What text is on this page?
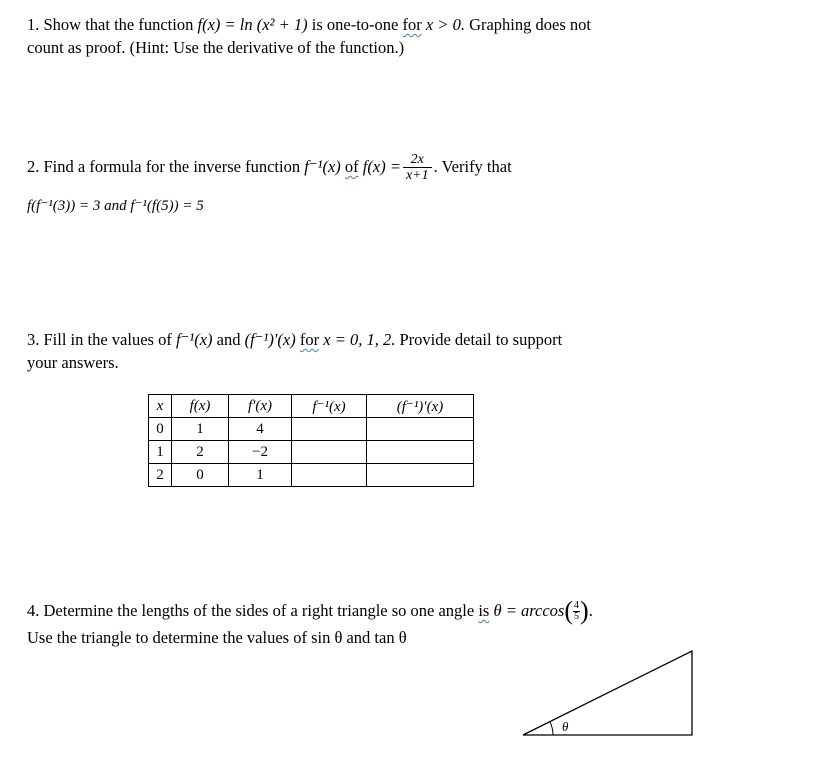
1. Show that the function f(x) = ln (x² + 1) is one-to-one for x > 0. Graphing does not
count as proof. (Hint: Use the derivative of the function.)
2. Find a formula for the inverse function
f⁻¹(x)
of
$f(x) = \frac{2x}{x+1}$ . Verify that
f(f⁻¹(3)) = 3 and f⁻¹(f(5)) = 5
3. Fill in the values of f⁻¹(x) and (f⁻¹)′(x) for x = 0, 1, 2. Provide detail to support
your answers.
x	f(x)	f′(x)	f⁻¹(x)	(f⁻¹)′(x)
0	1	4		
1	2	−2		
2	0	1		
4. Determine the lengths of the sides of a right triangle so one angle
is
θ = arccos ( $\frac{4}{5}$ ) .
Use the triangle to determine the values of sin θ and tan θ
θ
